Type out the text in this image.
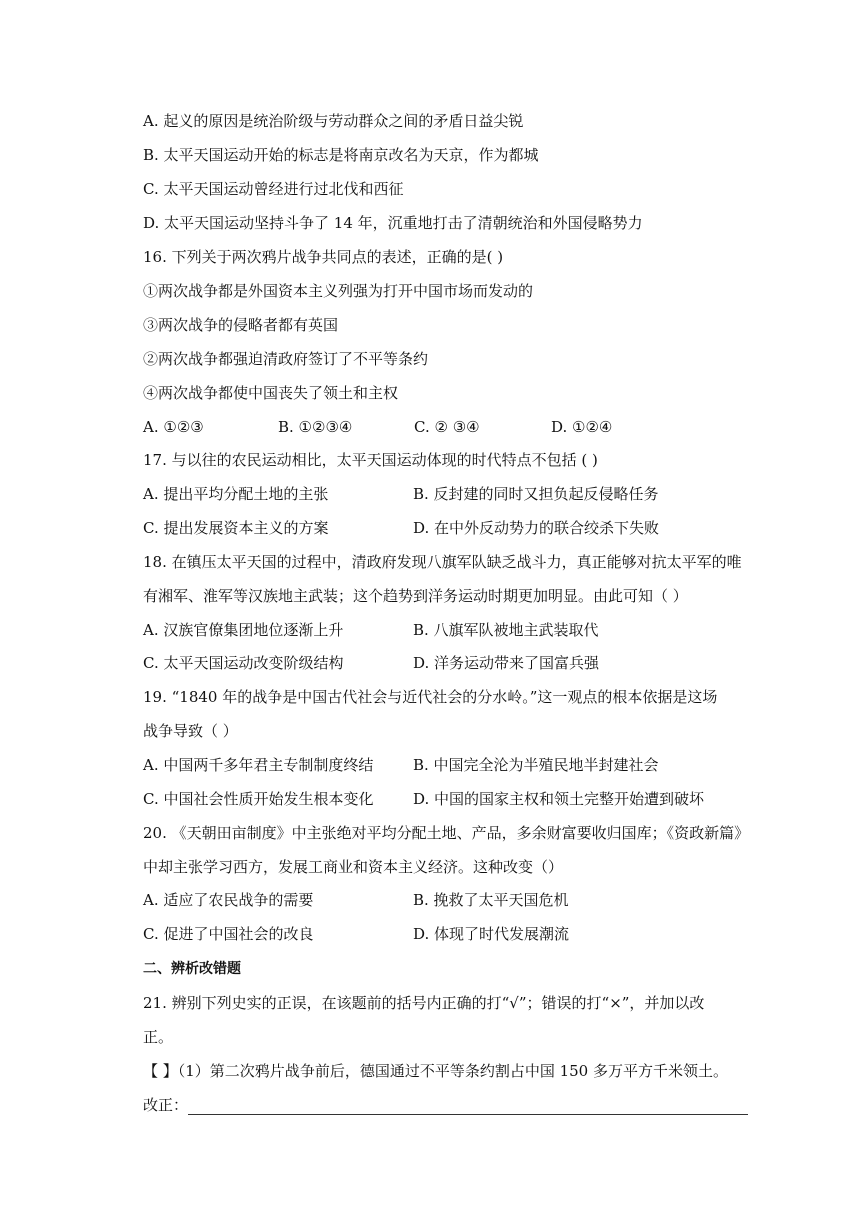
A. 起义的原因是统治阶级与劳动群众之间的矛盾日益尖锐
B. 太平天国运动开始的标志是将南京改名为天京，作为都城
C. 太平天国运动曾经进行过北伐和西征
D. 太平天国运动坚持斗争了 14 年，沉重地打击了清朝统治和外国侵略势力
16. 下列关于两次鸦片战争共同点的表述，正确的是( )
①两次战争都是外国资本主义列强为打开中国市场而发动的
③两次战争的侵略者都有英国
②两次战争都强迫清政府签订了不平等条约
④两次战争都使中国丧失了领土和主权
A. ①②③	B. ①②③④	C. ② ③④	D. ①②④
17. 与以往的农民运动相比，太平天国运动体现的时代特点不包括 ( )
A. 提出平均分配土地的主张	B. 反封建的同时又担负起反侵略任务
C. 提出发展资本主义的方案	D. 在中外反动势力的联合绞杀下失败
18. 在镇压太平天国的过程中，清政府发现八旗军队缺乏战斗力，真正能够对抗太平军的唯
有湘军、淮军等汉族地主武装；这个趋势到洋务运动时期更加明显。由此可知（ ）
A. 汉族官僚集团地位逐渐上升	B. 八旗军队被地主武装取代
C. 太平天国运动改变阶级结构	D. 洋务运动带来了国富兵强
19. “1840 年的战争是中国古代社会与近代社会的分水岭。”这一观点的根本依据是这场
战争导致（ ）
A. 中国两千多年君主专制制度终结	B. 中国完全沦为半殖民地半封建社会
C. 中国社会性质开始发生根本变化	D. 中国的国家主权和领土完整开始遭到破坏
20. 《天朝田亩制度》中主张绝对平均分配土地、产品，多余财富要收归国库；《资政新篇》
中却主张学习西方，发展工商业和资本主义经济。这种改变（）
A. 适应了农民战争的需要	B. 挽救了太平天国危机
C. 促进了中国社会的改良	D. 体现了时代发展潮流
二、辨析改错题
21. 辨别下列史实的正误，在该题前的括号内正确的打“√”；错误的打“×”，并加以改
正。
【 】（1）第二次鸦片战争前后，德国通过不平等条约割占中国 150 多万平方千米领土。
改正：
